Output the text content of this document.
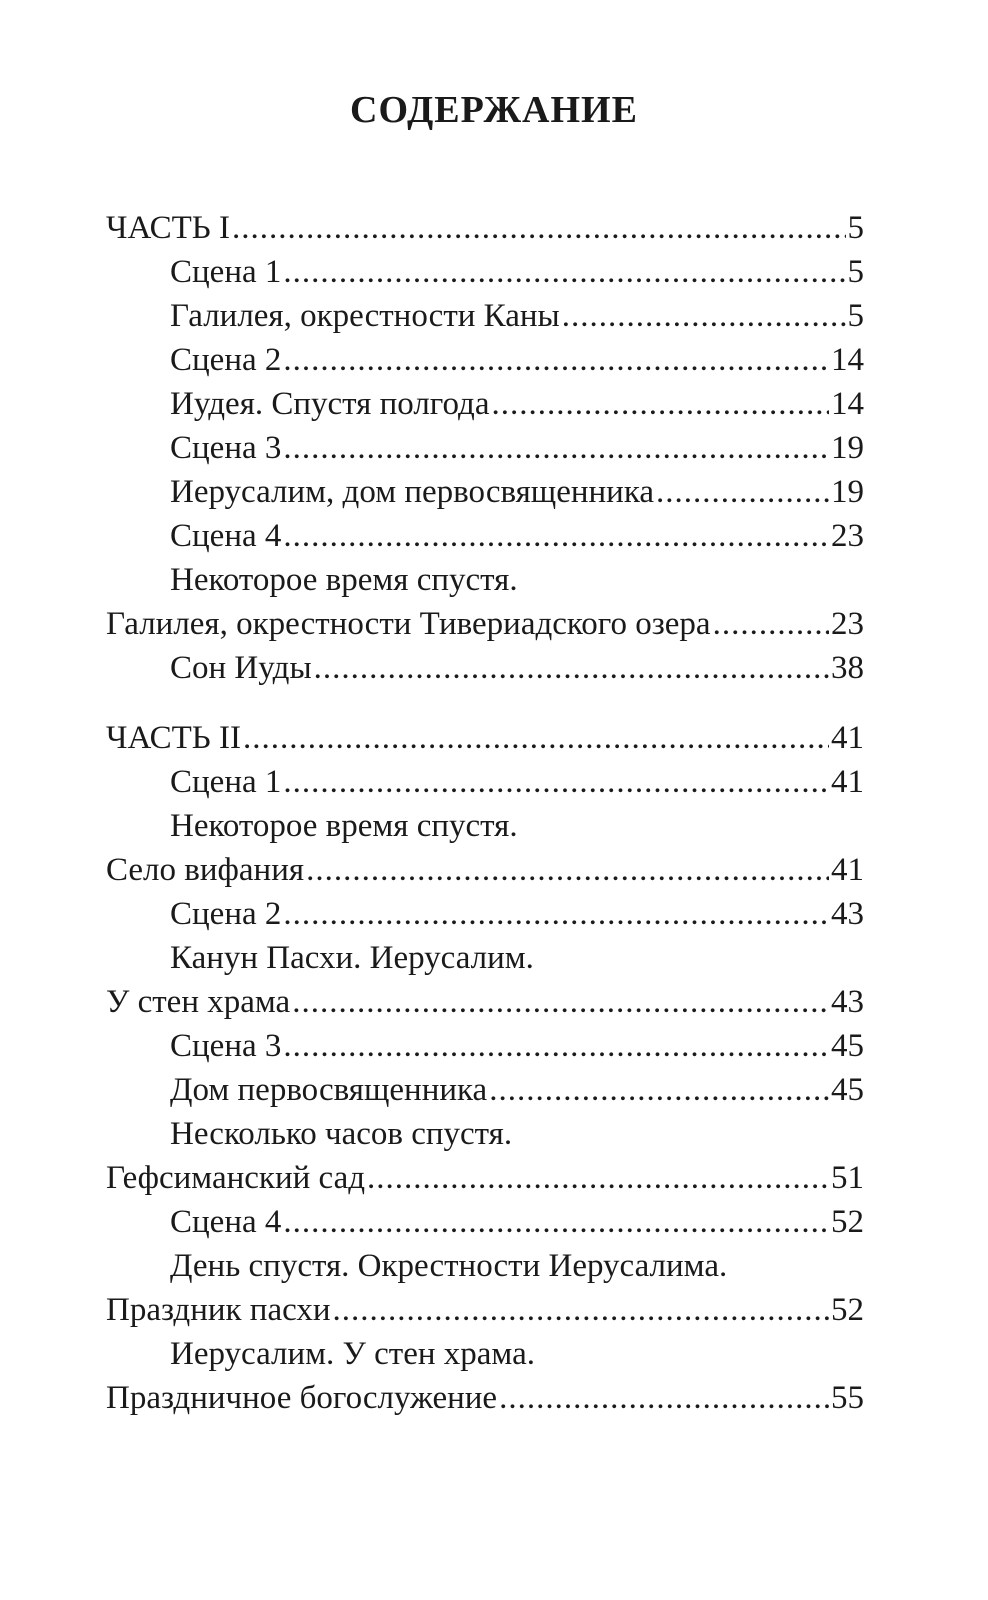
СОДЕРЖАНИЕ
ЧАСТЬ I .....	5
Сцена 1 .....	5
Галилея, окрестности Каны .....	5
Сцена 2 .....	14
Иудея. Спустя полгода .....	14
Сцена 3 .....	19
Иерусалим, дом первосвященника .....	19
Сцена 4 .....	23
Некоторое время спустя.
Галилея, окрестности Тивериадского озера .....	23
Сон Иуды .....	38
ЧАСТЬ II .....	41
Сцена 1 .....	41
Некоторое время спустя.
Село вифания .....	41
Сцена 2 .....	43
Канун Пасхи. Иерусалим.
У стен храма .....	43
Сцена 3 .....	45
Дом первосвященника .....	45
Несколько часов спустя.
Гефсиманский сад .....	51
Сцена 4 .....	52
День спустя. Окрестности Иерусалима.
Праздник пасхи .....	52
Иерусалим. У стен храма.
Праздничное богослужение .....	55
